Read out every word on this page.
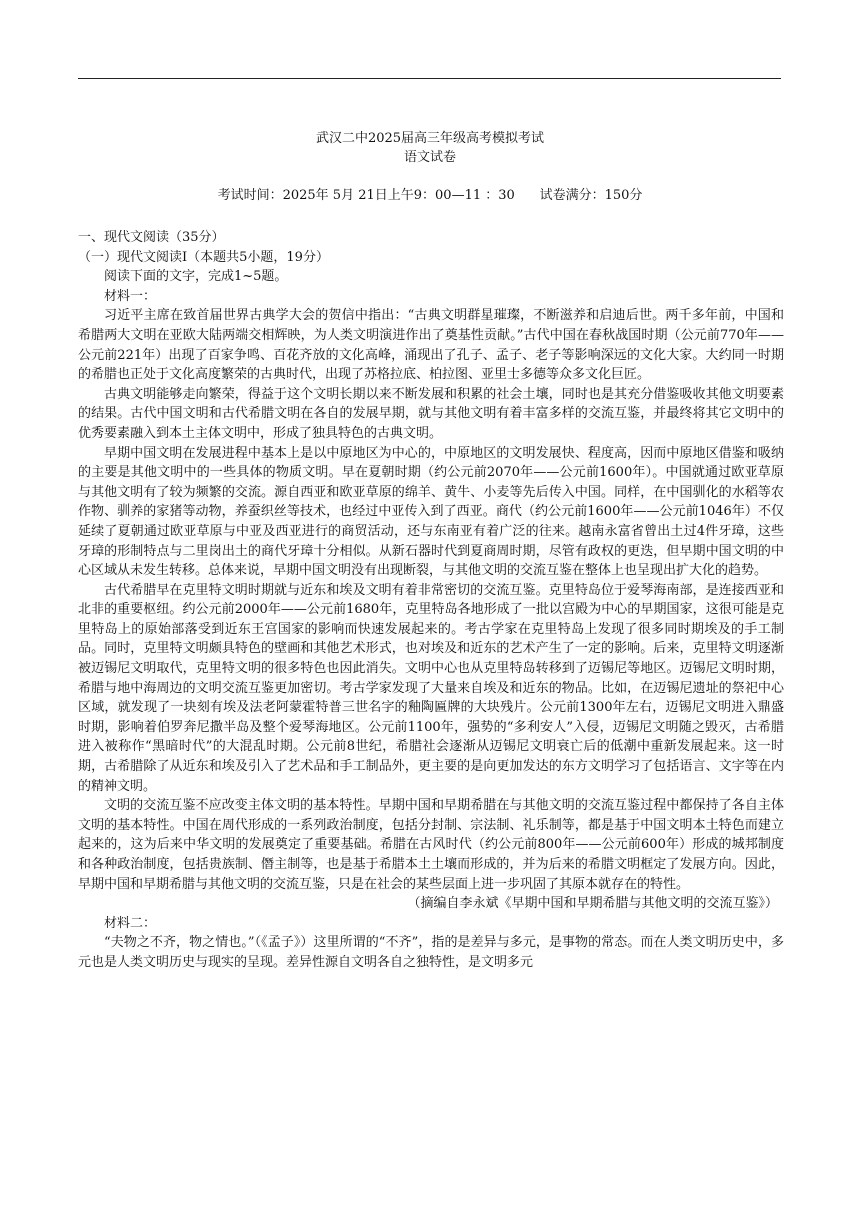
武汉二中2025届高三年级高考模拟考试
语文试卷
考试时间：2025年 5月 21日上午9：00—11 ：30      试卷满分：150分

一、现代文阅读（35分）

（一）现代文阅读Ⅰ（本题共5小题，19分）

阅读下面的文字，完成1~5题。

材料一：

习近平主席在致首届世界古典学大会的贺信中指出：“古典文明群星璀璨，不断滋养和启迪后世。两千多年前，中国和希腊两大文明在亚欧大陆两端交相辉映，为人类文明演进作出了奠基性贡献。”古代中国在春秋战国时期（公元前770年——公元前221年）出现了百家争鸣、百花齐放的文化高峰，涌现出了孔子、孟子、老子等影响深远的文化大家。大约同一时期的希腊也正处于文化高度繁荣的古典时代，出现了苏格拉底、柏拉图、亚里士多德等众多文化巨匠。

古典文明能够走向繁荣，得益于这个文明长期以来不断发展和积累的社会土壤，同时也是其充分借鉴吸收其他文明要素的结果。古代中国文明和古代希腊文明在各自的发展早期，就与其他文明有着丰富多样的交流互鉴，并最终将其它文明中的优秀要素融入到本土主体文明中，形成了独具特色的古典文明。

早期中国文明在发展进程中基本上是以中原地区为中心的，中原地区的文明发展快、程度高，因而中原地区借鉴和吸纳的主要是其他文明中的一些具体的物质文明。早在夏朝时期（约公元前2070年——公元前1600年）。中国就通过欧亚草原与其他文明有了较为频繁的交流。源自西亚和欧亚草原的绵羊、黄牛、小麦等先后传入中国。同样，在中国驯化的水稻等农作物、驯养的家猪等动物，养蚕织丝等技术，也经过中亚传入到了西亚。商代（约公元前1600年——公元前1046年）不仅延续了夏朝通过欧亚草原与中亚及西亚进行的商贸活动，还与东南亚有着广泛的往来。越南永富省曾出土过4件牙璋，这些牙璋的形制特点与二里岗出土的商代牙璋十分相似。从新石器时代到夏商周时期，尽管有政权的更迭，但早期中国文明的中心区域从未发生转移。总体来说，早期中国文明没有出现断裂，与其他文明的交流互鉴在整体上也呈现出扩大化的趋势。

古代希腊早在克里特文明时期就与近东和埃及文明有着非常密切的交流互鉴。克里特岛位于爱琴海南部，是连接西亚和北非的重要枢纽。约公元前2000年——公元前1680年，克里特岛各地形成了一批以宫殿为中心的早期国家，这很可能是克里特岛上的原始部落受到近东王宫国家的影响而快速发展起来的。考古学家在克里特岛上发现了很多同时期埃及的手工制品。同时，克里特文明颇具特色的壁画和其他艺术形式，也对埃及和近东的艺术产生了一定的影响。后来，克里特文明逐渐被迈锡尼文明取代，克里特文明的很多特色也因此消失。文明中心也从克里特岛转移到了迈锡尼等地区。迈锡尼文明时期，希腊与地中海周边的文明交流互鉴更加密切。考古学家发现了大量来自埃及和近东的物品。比如，在迈锡尼遗址的祭祀中心区域，就发现了一块刻有埃及法老阿蒙霍特普三世名字的釉陶匾牌的大块残片。公元前1300年左右，迈锡尼文明进入鼎盛时期，影响着伯罗奔尼撒半岛及整个爱琴海地区。公元前1100年，强势的“多利安人”入侵，迈锡尼文明随之毁灭，古希腊进入被称作“黑暗时代”的大混乱时期。公元前8世纪，希腊社会逐渐从迈锡尼文明衰亡后的低潮中重新发展起来。这一时期，古希腊除了从近东和埃及引入了艺术品和手工制品外，更主要的是向更加发达的东方文明学习了包括语言、文字等在内的精神文明。

文明的交流互鉴不应改变主体文明的基本特性。早期中国和早期希腊在与其他文明的交流互鉴过程中都保持了各自主体文明的基本特性。中国在周代形成的一系列政治制度，包括分封制、宗法制、礼乐制等，都是基于中国文明本土特色而建立起来的，这为后来中华文明的发展奠定了重要基础。希腊在古风时代（约公元前800年——公元前600年）形成的城邦制度和各种政治制度，包括贵族制、僭主制等，也是基于希腊本土土壤而形成的，并为后来的希腊文明框定了发展方向。因此，早期中国和早期希腊与其他文明的交流互鉴，只是在社会的某些层面上进一步巩固了其原本就存在的特性。

（摘编自李永斌《早期中国和早期希腊与其他文明的交流互鉴》）

材料二：

“夫物之不齐，物之情也。”（《孟子》）这里所谓的“不齐”，指的是差异与多元，是事物的常态。而在人类文明历史中，多元也是人类文明历史与现实的呈现。差异性源自文明各自之独特性，是文明多元
